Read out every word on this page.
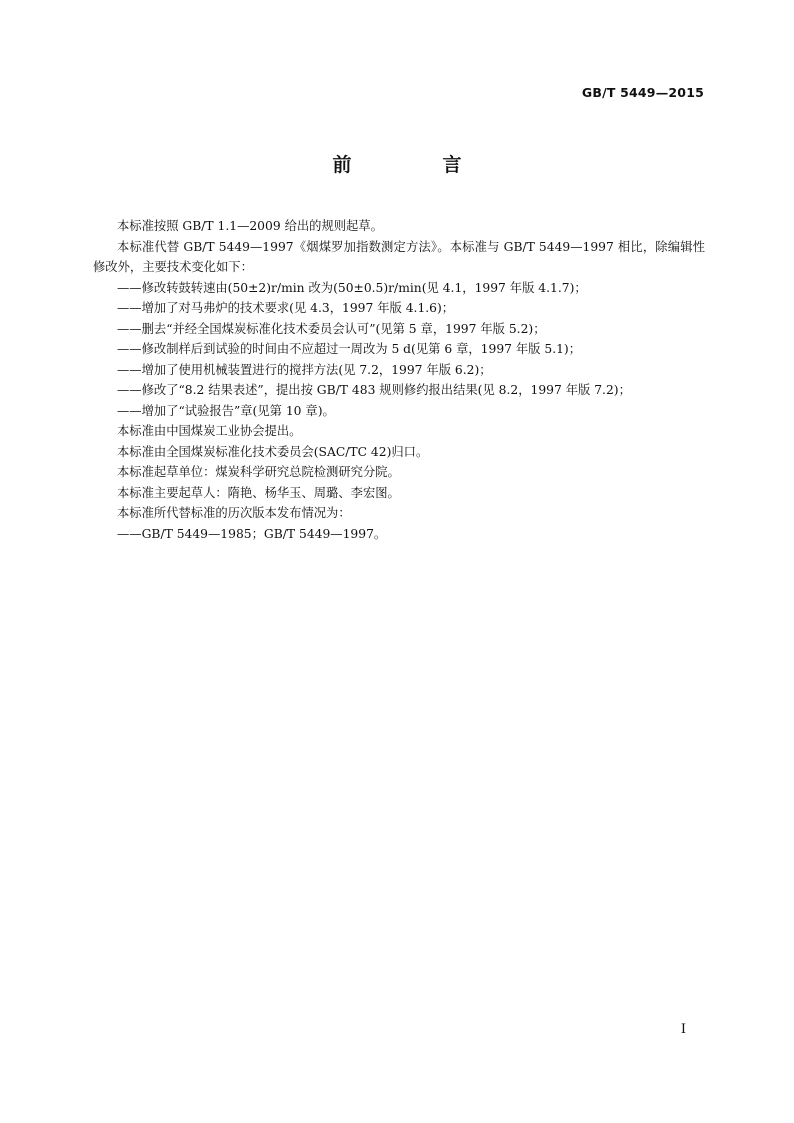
GB/T 5449—2015
前　言

本标准按照 GB/T 1.1—2009 给出的规则起草。

本标准代替 GB/T 5449—1997《烟煤罗加指数测定方法》。本标准与 GB/T 5449—1997 相比，除编辑性修改外，主要技术变化如下：

——修改转鼓转速由(50±2)r/min 改为(50±0.5)r/min(见 4.1，1997 年版 4.1.7)；

——增加了对马弗炉的技术要求(见 4.3，1997 年版 4.1.6)；

——删去“并经全国煤炭标准化技术委员会认可”(见第 5 章，1997 年版 5.2)；

——修改制样后到试验的时间由不应超过一周改为 5 d(见第 6 章，1997 年版 5.1)；

——增加了使用机械装置进行的搅拌方法(见 7.2，1997 年版 6.2)；

——修改了“8.2 结果表述”，提出按 GB/T 483 规则修约报出结果(见 8.2，1997 年版 7.2)；

——增加了“试验报告”章(见第 10 章)。

本标准由中国煤炭工业协会提出。

本标准由全国煤炭标准化技术委员会(SAC/TC 42)归口。

本标准起草单位：煤炭科学研究总院检测研究分院。

本标准主要起草人：隋艳、杨华玉、周璐、李宏图。

本标准所代替标准的历次版本发布情况为：

——GB/T 5449—1985；GB/T 5449—1997。

I
